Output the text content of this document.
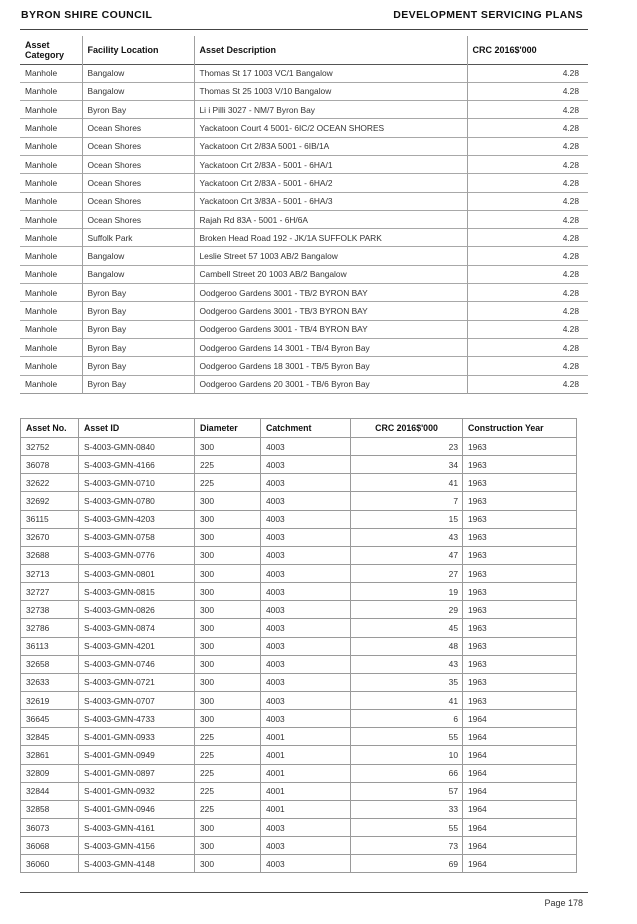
BYRON SHIRE COUNCIL	DEVELOPMENT SERVICING PLANS
Asset Category	Facility Location	Asset Description	CRC 2016$'000
Manhole	Bangalow	Thomas St 17 1003 VC/1 Bangalow	4.28
Manhole	Bangalow	Thomas St 25 1003 V/10 Bangalow	4.28
Manhole	Byron Bay	Li i Pilli 3027 - NM/7 Byron Bay	4.28
Manhole	Ocean Shores	Yackatoon Court 4 5001- 6IC/2 OCEAN SHORES	4.28
Manhole	Ocean Shores	Yackatoon Crt 2/83A 5001 - 6IB/1A	4.28
Manhole	Ocean Shores	Yackatoon Crt 2/83A - 5001 - 6HA/1	4.28
Manhole	Ocean Shores	Yackatoon Crt 2/83A - 5001 - 6HA/2	4.28
Manhole	Ocean Shores	Yackatoon Crt 3/83A - 5001 - 6HA/3	4.28
Manhole	Ocean Shores	Rajah Rd 83A - 5001 - 6H/6A	4.28
Manhole	Suffolk Park	Broken Head Road 192 - JK/1A SUFFOLK PARK	4.28
Manhole	Bangalow	Leslie Street 57 1003 AB/2 Bangalow	4.28
Manhole	Bangalow	Cambell Street 20 1003 AB/2 Bangalow	4.28
Manhole	Byron Bay	Oodgeroo Gardens 3001 - TB/2 BYRON BAY	4.28
Manhole	Byron Bay	Oodgeroo Gardens 3001 - TB/3 BYRON BAY	4.28
Manhole	Byron Bay	Oodgeroo Gardens 3001 - TB/4 BYRON BAY	4.28
Manhole	Byron Bay	Oodgeroo Gardens 14 3001 - TB/4 Byron Bay	4.28
Manhole	Byron Bay	Oodgeroo Gardens 18 3001 - TB/5 Byron Bay	4.28
Manhole	Byron Bay	Oodgeroo Gardens 20 3001 - TB/6 Byron Bay	4.28
Asset No.	Asset ID	Diameter	Catchment	CRC 2016$'000	Construction Year
32752	S-4003-GMN-0840	300	4003	23	1963
36078	S-4003-GMN-4166	225	4003	34	1963
32622	S-4003-GMN-0710	225	4003	41	1963
32692	S-4003-GMN-0780	300	4003	7	1963
36115	S-4003-GMN-4203	300	4003	15	1963
32670	S-4003-GMN-0758	300	4003	43	1963
32688	S-4003-GMN-0776	300	4003	47	1963
32713	S-4003-GMN-0801	300	4003	27	1963
32727	S-4003-GMN-0815	300	4003	19	1963
32738	S-4003-GMN-0826	300	4003	29	1963
32786	S-4003-GMN-0874	300	4003	45	1963
36113	S-4003-GMN-4201	300	4003	48	1963
32658	S-4003-GMN-0746	300	4003	43	1963
32633	S-4003-GMN-0721	300	4003	35	1963
32619	S-4003-GMN-0707	300	4003	41	1963
36645	S-4003-GMN-4733	300	4003	6	1964
32845	S-4001-GMN-0933	225	4001	55	1964
32861	S-4001-GMN-0949	225	4001	10	1964
32809	S-4001-GMN-0897	225	4001	66	1964
32844	S-4001-GMN-0932	225	4001	57	1964
32858	S-4001-GMN-0946	225	4001	33	1964
36073	S-4003-GMN-4161	300	4003	55	1964
36068	S-4003-GMN-4156	300	4003	73	1964
36060	S-4003-GMN-4148	300	4003	69	1964
Page 178
